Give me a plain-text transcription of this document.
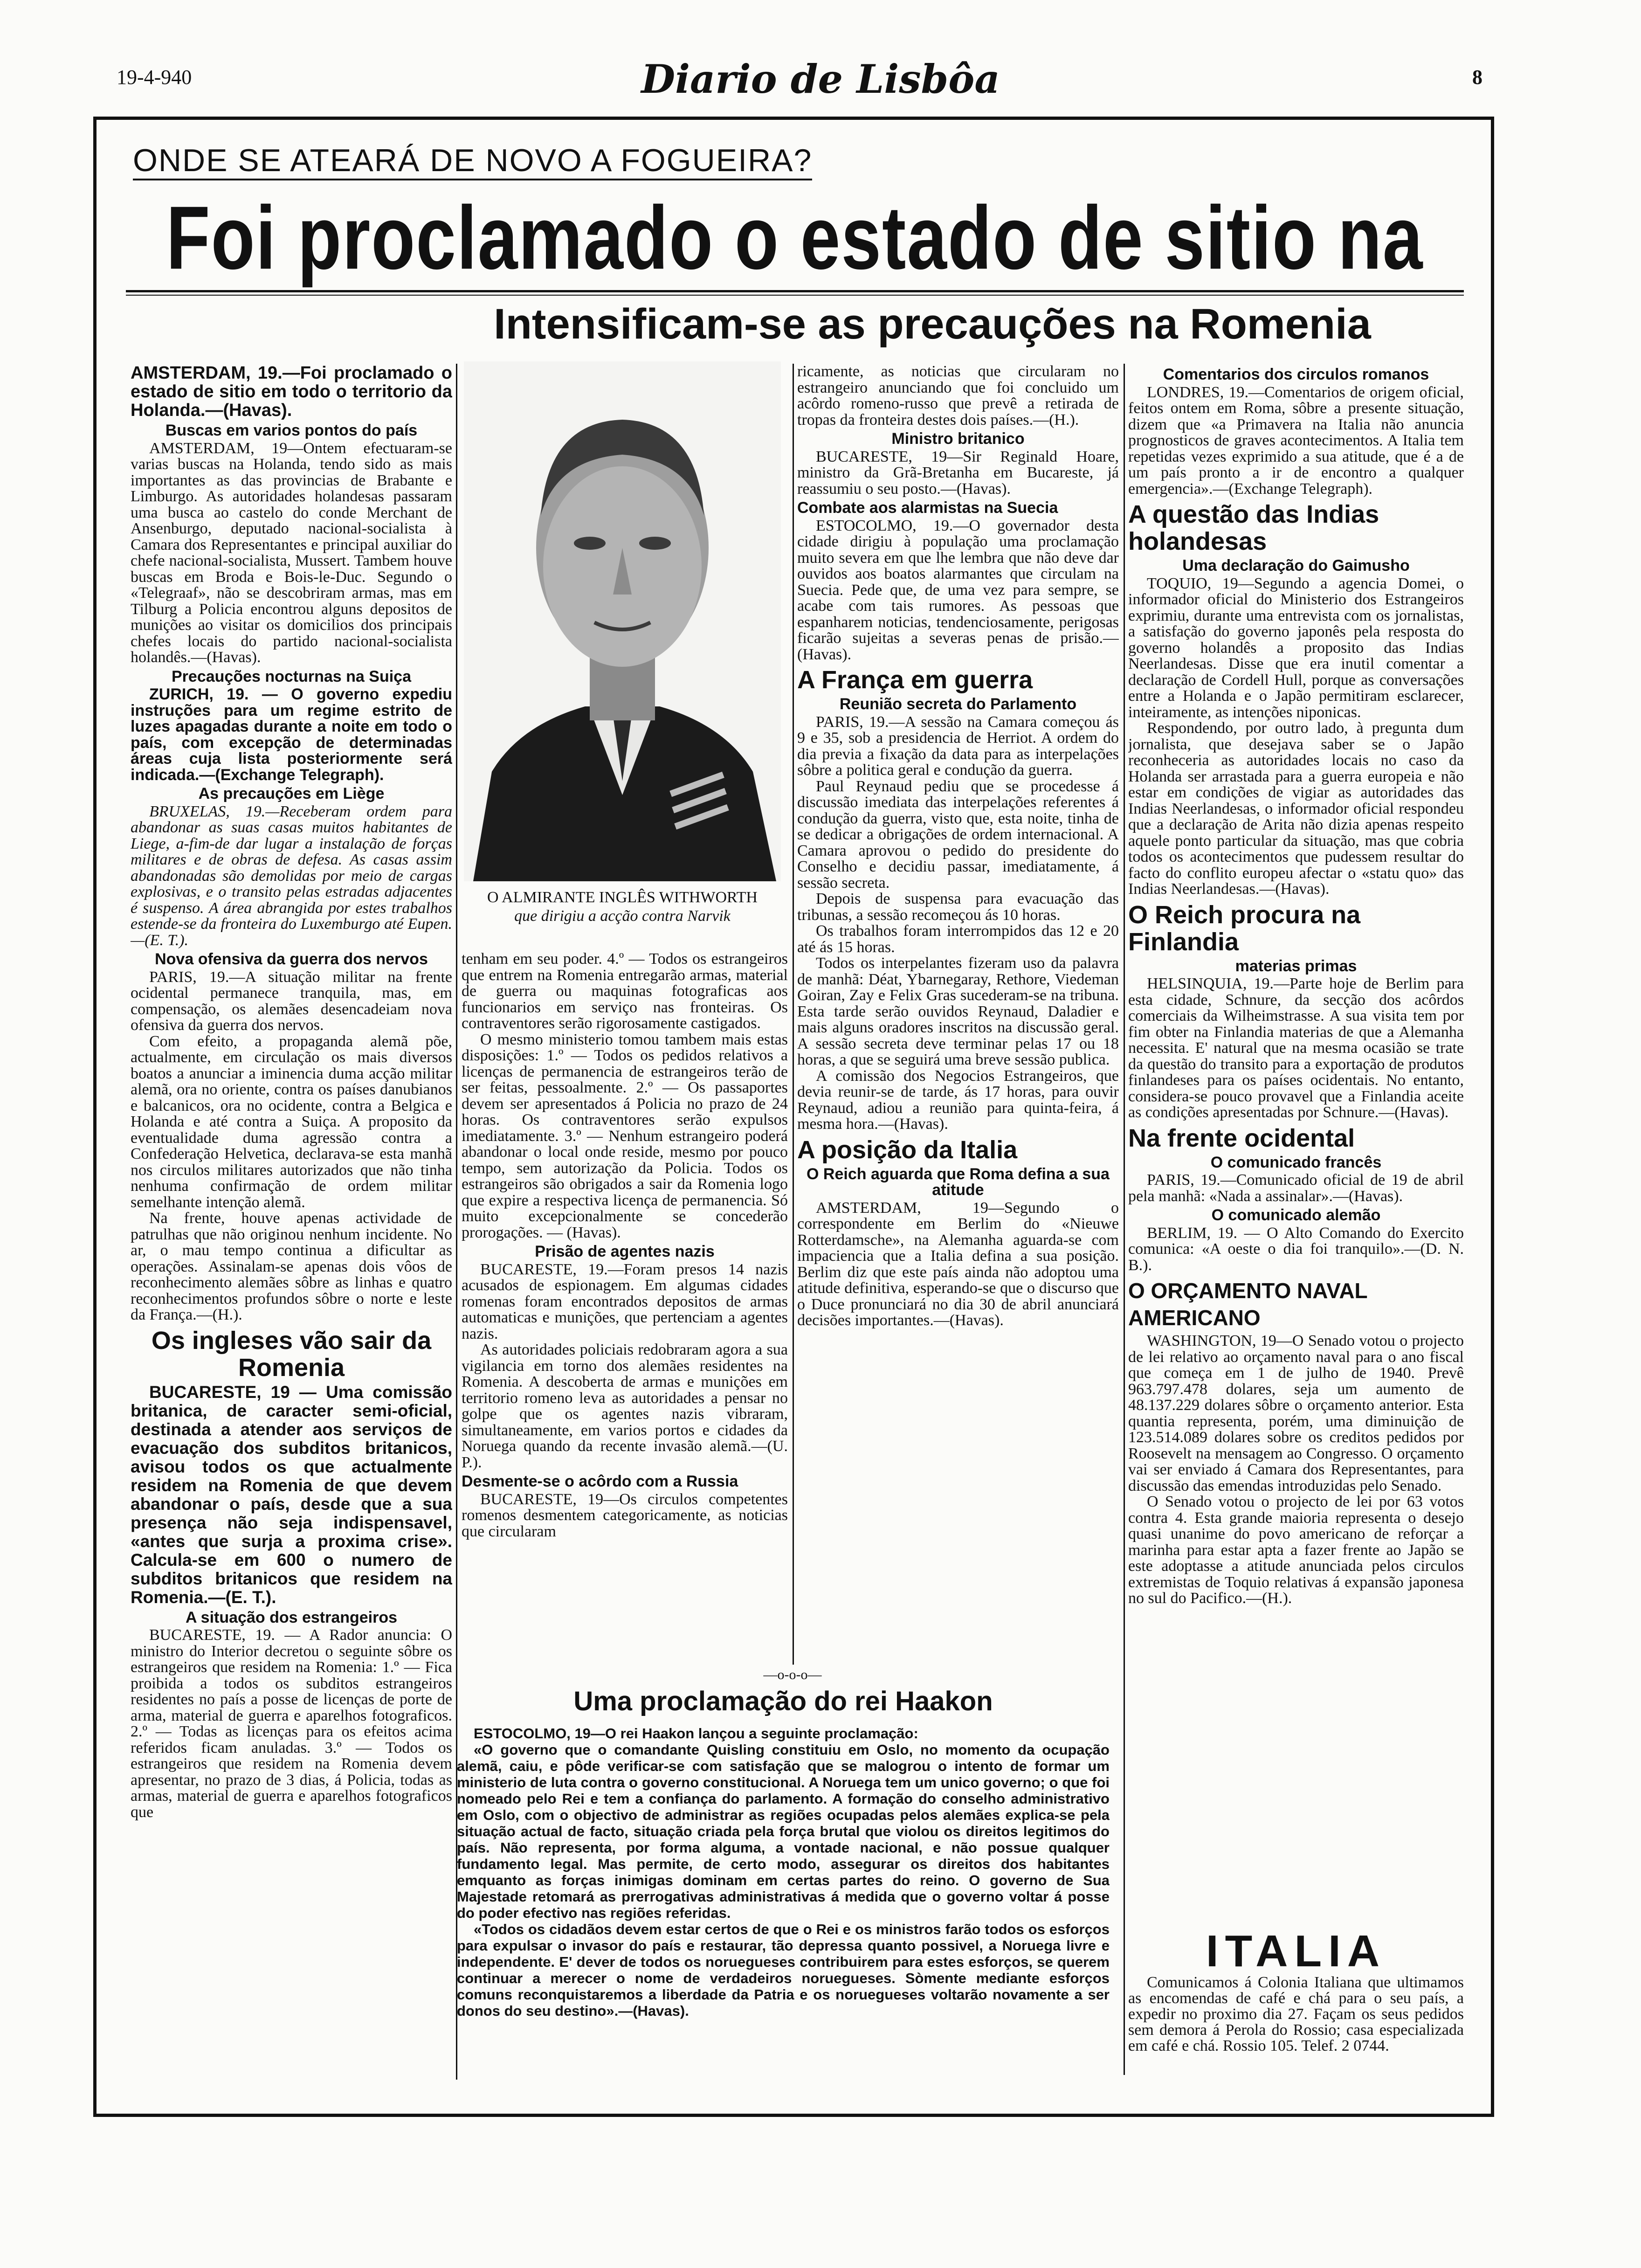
19-4-940	Diario de Lisbôa	8
ONDE SE ATEARÁ DE NOVO A FOGUEIRA?
Foi proclamado o estado de sitio na
Intensificam-se as precauções na Romenia

AMSTERDAM, 19.—Foi proclamado o estado de sitio em todo o territorio da Holanda.—(Havas).

Buscas em varios pontos do país

AMSTERDAM, 19—Ontem efectuaram-se varias buscas na Holanda, tendo sido as mais importantes as das provincias de Brabante e Limburgo. As autoridades holandesas passaram uma busca ao castelo do conde Merchant de Ansenburgo, deputado nacional-socialista à Camara dos Representantes e principal auxiliar do chefe nacional-socialista, Mussert. Tambem houve buscas em Broda e Bois-le-Duc. Segundo o «Telegraaf», não se descobriram armas, mas em Tilburg a Policia encontrou alguns depositos de munições ao visitar os domicilios dos principais chefes locais do partido nacional-socialista holandês.—(Havas).

Precauções nocturnas na Suiça

ZURICH, 19. — O governo expediu instruções para um regime estrito de luzes apagadas durante a noite em todo o país, com excepção de determinadas áreas cuja lista posteriormente será indicada.—(Exchange Telegraph).

As precauções em Liège

BRUXELAS, 19.—Receberam ordem para abandonar as suas casas muitos habitantes de Liege, a-fim-de dar lugar a instalação de forças militares e de obras de defesa. As casas assim abandonadas são demolidas por meio de cargas explosivas, e o transito pelas estradas adjacentes é suspenso. A área abrangida por estes trabalhos estende-se da fronteira do Luxemburgo até Eupen.—(E. T.).

Nova ofensiva da guerra dos nervos

PARIS, 19.—A situação militar na frente ocidental permanece tranquila, mas, em compensação, os alemães desencadeiam nova ofensiva da guerra dos nervos.

Com efeito, a propaganda alemã põe, actualmente, em circulação os mais diversos boatos a anunciar a iminencia duma acção militar alemã, ora no oriente, contra os países danubianos e balcanicos, ora no ocidente, contra a Belgica e Holanda e até contra a Suiça. A proposito da eventualidade duma agressão contra a Confederação Helvetica, declarava-se esta manhã nos circulos militares autorizados que não tinha nenhuma confirmação de ordem militar semelhante intenção alemã.

Na frente, houve apenas actividade de patrulhas que não originou nenhum incidente. No ar, o mau tempo continua a dificultar as operações. Assinalam-se apenas dois vôos de reconhecimento alemães sôbre as linhas e quatro reconhecimentos profundos sôbre o norte e leste da França.—(H.).

Os ingleses vão sair da Romenia

BUCARESTE, 19 — Uma comissão britanica, de caracter semi-oficial, destinada a atender aos serviços de evacuação dos subditos britanicos, avisou todos os que actualmente residem na Romenia de que devem abandonar o país, desde que a sua presença não seja indispensavel, «antes que surja a proxima crise». Calcula-se em 600 o numero de subditos britanicos que residem na Romenia.—(E. T.).

A situação dos estrangeiros

BUCARESTE, 19. — A Rador anuncia: O ministro do Interior decretou o seguinte sôbre os estrangeiros que residem na Romenia: 1.º — Fica proibida a todos os subditos estrangeiros residentes no país a posse de licenças de porte de arma, material de guerra e aparelhos fotograficos. 2.º — Todas as licenças para os efeitos acima referidos ficam anuladas. 3.º — Todos os estrangeiros que residem na Romenia devem apresentar, no prazo de 3 dias, á Policia, todas as armas, material de guerra e aparelhos fotograficos que

O ALMIRANTE INGLÊS WITHWORTH
que dirigiu a acção contra Narvik

tenham em seu poder. 4.º — Todos os estrangeiros que entrem na Romenia entregarão armas, material de guerra ou maquinas fotograficas aos funcionarios em serviço nas fronteiras. Os contraventores serão rigorosamente castigados.

O mesmo ministerio tomou tambem mais estas disposições: 1.º — Todos os pedidos relativos a licenças de permanencia de estrangeiros terão de ser feitas, pessoalmente. 2.º — Os passaportes devem ser apresentados á Policia no prazo de 24 horas. Os contraventores serão expulsos imediatamente. 3.º — Nenhum estrangeiro poderá abandonar o local onde reside, mesmo por pouco tempo, sem autorização da Policia. Todos os estrangeiros são obrigados a sair da Romenia logo que expire a respectiva licença de permanencia. Só muito excepcionalmente se concederão prorogações. — (Havas).

Prisão de agentes nazis

BUCARESTE, 19.—Foram presos 14 nazis acusados de espionagem. Em algumas cidades romenas foram encontrados depositos de armas automaticas e munições, que pertenciam a agentes nazis.

As autoridades policiais redobraram agora a sua vigilancia em torno dos alemães residentes na Romenia. A descoberta de armas e munições em territorio romeno leva as autoridades a pensar no golpe que os agentes nazis vibraram, simultaneamente, em varios portos e cidades da Noruega quando da recente invasão alemã.—(U. P.).

Desmente-se o acôrdo com a Russia

BUCARESTE, 19—Os circulos competentes romenos desmentem categoricamente, as noticias que circularam

ricamente, as noticias que circularam no estrangeiro anunciando que foi concluido um acôrdo romeno-russo que prevê a retirada de tropas da fronteira destes dois países.—(H.).

Ministro britanico

BUCARESTE, 19—Sir Reginald Hoare, ministro da Grã-Bretanha em Bucareste, já reassumiu o seu posto.—(Havas).

Combate aos alarmistas na Suecia

ESTOCOLMO, 19.—O governador desta cidade dirigiu à população uma proclamação muito severa em que lhe lembra que não deve dar ouvidos aos boatos alarmantes que circulam na Suecia. Pede que, de uma vez para sempre, se acabe com tais rumores. As pessoas que espanharem noticias, tendenciosamente, perigosas ficarão sujeitas a severas penas de prisão.—(Havas).

A França em guerra
Reunião secreta do Parlamento

PARIS, 19.—A sessão na Camara começou ás 9 e 35, sob a presidencia de Herriot. A ordem do dia previa a fixação da data para as interpelações sôbre a politica geral e condução da guerra.

Paul Reynaud pediu que se procedesse á discussão imediata das interpelações referentes á condução da guerra, visto que, esta noite, tinha de se dedicar a obrigações de ordem internacional. A Camara aprovou o pedido do presidente do Conselho e decidiu passar, imediatamente, á sessão secreta.

Depois de suspensa para evacuação das tribunas, a sessão recomeçou ás 10 horas.

Os trabalhos foram interrompidos das 12 e 20 até ás 15 horas.

Todos os interpelantes fizeram uso da palavra de manhã: Déat, Ybarnegaray, Rethore, Viedeman Goiran, Zay e Felix Gras sucederam-se na tribuna. Esta tarde serão ouvidos Reynaud, Daladier e mais alguns oradores inscritos na discussão geral. A sessão secreta deve terminar pelas 17 ou 18 horas, a que se seguirá uma breve sessão publica.

A comissão dos Negocios Estrangeiros, que devia reunir-se de tarde, ás 17 horas, para ouvir Reynaud, adiou a reunião para quinta-feira, á mesma hora.—(Havas).

A posição da Italia
O Reich aguarda que Roma defina a sua atitude

AMSTERDAM, 19—Segundo o correspondente em Berlim do «Nieuwe Rotterdamsche», na Alemanha aguarda-se com impaciencia que a Italia defina a sua posição. Berlim diz que este país ainda não adoptou uma atitude definitiva, esperando-se que o discurso que o Duce pronunciará no dia 30 de abril anunciará decisões importantes.—(Havas).

—o-o-o—
Uma proclamação do rei Haakon

ESTOCOLMO, 19—O rei Haakon lançou a seguinte proclamação:

«O governo que o comandante Quisling constituiu em Oslo, no momento da ocupação alemã, caiu, e pôde verificar-se com satisfação que se malogrou o intento de formar um ministerio de luta contra o governo constitucional. A Noruega tem um unico governo; o que foi nomeado pelo Rei e tem a confiança do parlamento. A formação do conselho administrativo em Oslo, com o objectivo de administrar as regiões ocupadas pelos alemães explica-se pela situação actual de facto, situação criada pela força brutal que violou os direitos legitimos do país. Não representa, por forma alguma, a vontade nacional, e não possue qualquer fundamento legal. Mas permite, de certo modo, assegurar os direitos dos habitantes emquanto as forças inimigas dominam em certas partes do reino. O governo de Sua Majestade retomará as prerrogativas administrativas á medida que o governo voltar á posse do poder efectivo nas regiões referidas.

«Todos os cidadãos devem estar certos de que o Rei e os ministros farão todos os esforços para expulsar o invasor do país e restaurar, tão depressa quanto possivel, a Noruega livre e independente. E' dever de todos os noruegueses contribuirem para estes esforços, se querem continuar a merecer o nome de verdadeiros noruegueses. Sòmente mediante esforços comuns reconquistaremos a liberdade da Patria e os noruegueses voltarão novamente a ser donos do seu destino».—(Havas).

Comentarios dos circulos romanos

LONDRES, 19.—Comentarios de origem oficial, feitos ontem em Roma, sôbre a presente situação, dizem que «a Primavera na Italia não anuncia prognosticos de graves acontecimentos. A Italia tem repetidas vezes exprimido a sua atitude, que é a de um país pronto a ir de encontro a qualquer emergencia».—(Exchange Telegraph).

A questão das Indias holandesas
Uma declaração do Gaimusho

TOQUIO, 19—Segundo a agencia Domei, o informador oficial do Ministerio dos Estrangeiros exprimiu, durante uma entrevista com os jornalistas, a satisfação do governo japonês pela resposta do governo holandês a proposito das Indias Neerlandesas. Disse que era inutil comentar a declaração de Cordell Hull, porque as conversações entre a Holanda e o Japão permitiram esclarecer, inteiramente, as intenções niponicas.

Respondendo, por outro lado, à pregunta dum jornalista, que desejava saber se o Japão reconheceria as autoridades locais no caso da Holanda ser arrastada para a guerra europeia e não estar em condições de vigiar as autoridades das Indias Neerlandesas, o informador oficial respondeu que a declaração de Arita não dizia apenas respeito aquele ponto particular da situação, mas que cobria todos os acontecimentos que pudessem resultar do facto do conflito europeu afectar o «statu quo» das Indias Neerlandesas.—(Havas).

O Reich procura na Finlandia
materias primas

HELSINQUIA, 19.—Parte hoje de Berlim para esta cidade, Schnure, da secção dos acôrdos comerciais da Wilheimstrasse. A sua visita tem por fim obter na Finlandia materias de que a Alemanha necessita. E' natural que na mesma ocasião se trate da questão do transito para a exportação de produtos finlandeses para os países ocidentais. No entanto, considera-se pouco provavel que a Finlandia aceite as condições apresentadas por Schnure.—(Havas).

Na frente ocidental
O comunicado francês

PARIS, 19.—Comunicado oficial de 19 de abril pela manhã: «Nada a assinalar».—(Havas).

O comunicado alemão

BERLIM, 19. — O Alto Comando do Exercito comunica: «A oeste o dia foi tranquilo».—(D. N. B.).

O ORÇAMENTO NAVAL AMERICANO

WASHINGTON, 19—O Senado votou o projecto de lei relativo ao orçamento naval para o ano fiscal que começa em 1 de julho de 1940. Prevê 963.797.478 dolares, seja um aumento de 48.137.229 dolares sôbre o orçamento anterior. Esta quantia representa, porém, uma diminuição de 123.514.089 dolares sobre os creditos pedidos por Roosevelt na mensagem ao Congresso. O orçamento vai ser enviado á Camara dos Representantes, para discussão das emendas introduzidas pelo Senado.

O Senado votou o projecto de lei por 63 votos contra 4. Esta grande maioria representa o desejo quasi unanime do povo americano de reforçar a marinha para estar apta a fazer frente ao Japão se este adoptasse a atitude anunciada pelos circulos extremistas de Toquio relativas á expansão japonesa no sul do Pacifico.—(H.).

ITALIA

Comunicamos á Colonia Italiana que ultimamos as encomendas de café e chá para o seu país, a expedir no proximo dia 27. Façam os seus pedidos sem demora á Perola do Rossio; casa especializada em café e chá. Rossio 105. Telef. 2 0744.
